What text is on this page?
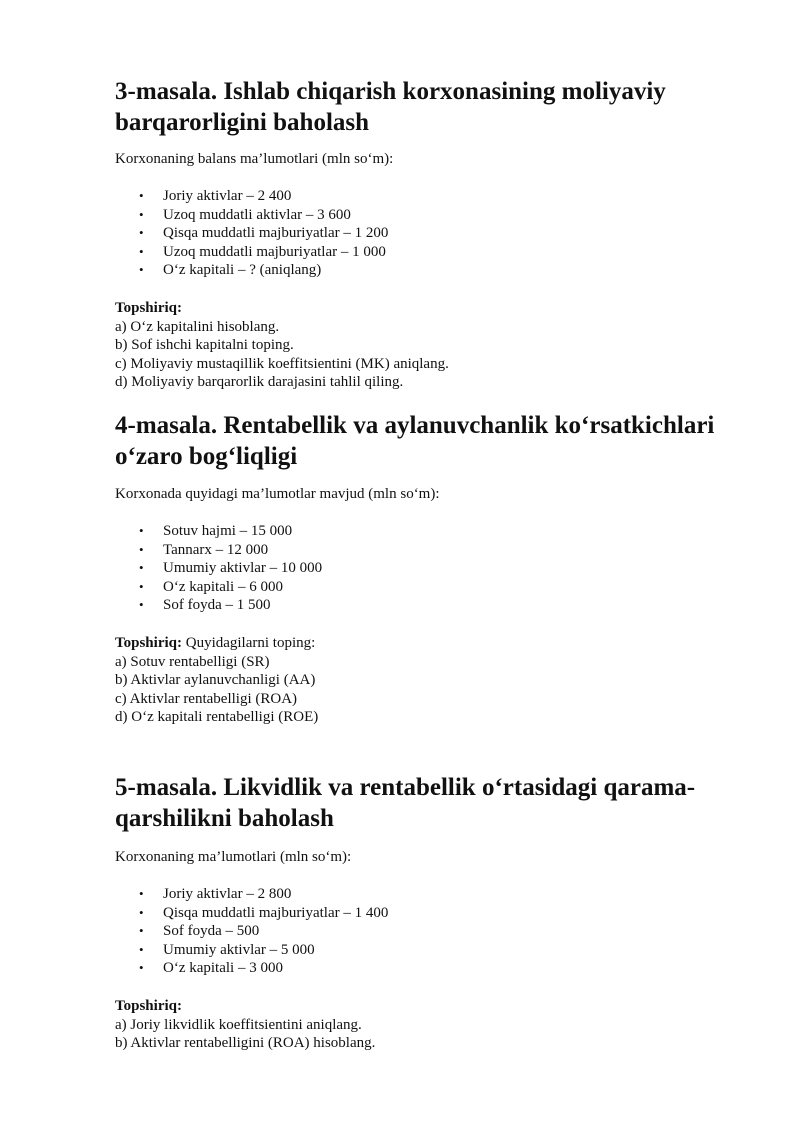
3-masala. Ishlab chiqarish korxonasining moliyaviy
barqarorligini baholash

Korxonaning balans ma’lumotlari (mln so‘m):

• Joriy aktivlar – 2 400
• Uzoq muddatli aktivlar – 3 600
• Qisqa muddatli majburiyatlar – 1 200
• Uzoq muddatli majburiyatlar – 1 000
• O‘z kapitali – ? (aniqlang)
Topshiriq:
a) O‘z kapitalini hisoblang.
b) Sof ishchi kapitalni toping.
c) Moliyaviy mustaqillik koeffitsientini (MK) aniqlang.
d) Moliyaviy barqarorlik darajasini tahlil qiling.
4-masala. Rentabellik va aylanuvchanlik ko‘rsatkichlari
o‘zaro bog‘liqligi

Korxonada quyidagi ma’lumotlar mavjud (mln so‘m):

• Sotuv hajmi – 15 000
• Tannarx – 12 000
• Umumiy aktivlar – 10 000
• O‘z kapitali – 6 000
• Sof foyda – 1 500
Topshiriq: Quyidagilarni toping:
a) Sotuv rentabelligi (SR)
b) Aktivlar aylanuvchanligi (AA)
c) Aktivlar rentabelligi (ROA)
d) O‘z kapitali rentabelligi (ROE)
5-masala. Likvidlik va rentabellik o‘rtasidagi qarama-
qarshilikni baholash

Korxonaning ma’lumotlari (mln so‘m):

• Joriy aktivlar – 2 800
• Qisqa muddatli majburiyatlar – 1 400
• Sof foyda – 500
• Umumiy aktivlar – 5 000
• O‘z kapitali – 3 000
Topshiriq:
a) Joriy likvidlik koeffitsientini aniqlang.
b) Aktivlar rentabelligini (ROA) hisoblang.
